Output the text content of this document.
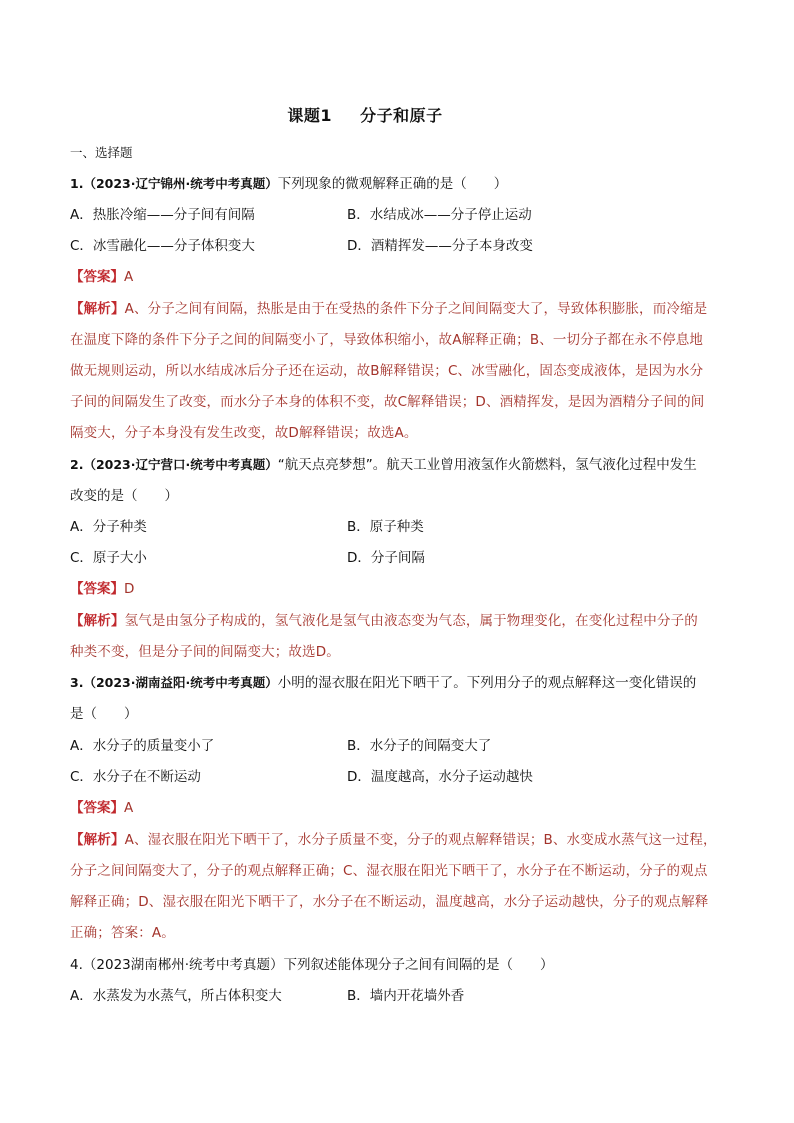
课题1 分子和原子
一、选择题
1.（2023·辽宁锦州·统考中考真题）下列现象的微观解释正确的是（　　）
A．热胀冷缩——分子间有间隔	B．水结成冰——分子停止运动
C．冰雪融化——分子体积变大	D．酒精挥发——分子本身改变
【答案】A
【解析】A、分子之间有间隔，热胀是由于在受热的条件下分子之间间隔变大了，导致体积膨胀，而冷缩是
在温度下降的条件下分子之间的间隔变小了，导致体积缩小，故A解释正确；B、一切分子都在永不停息地
做无规则运动，所以水结成冰后分子还在运动，故B解释错误；C、冰雪融化，固态变成液体，是因为水分
子间的间隔发生了改变，而水分子本身的体积不变，故C解释错误；D、酒精挥发，是因为酒精分子间的间
隔变大，分子本身没有发生改变，故D解释错误；故选A。
2.（2023·辽宁营口·统考中考真题）“航天点亮梦想”。航天工业曾用液氢作火箭燃料，氢气液化过程中发生
改变的是（　　）
A．分子种类	B．原子种类
C．原子大小	D．分子间隔
【答案】D
【解析】氢气是由氢分子构成的，氢气液化是氢气由液态变为气态，属于物理变化，在变化过程中分子的
种类不变，但是分子间的间隔变大；故选D。
3.（2023·湖南益阳·统考中考真题）小明的湿衣服在阳光下晒干了。下列用分子的观点解释这一变化错误的
是（　　）
A．水分子的质量变小了	B．水分子的间隔变大了
C．水分子在不断运动	D．温度越高，水分子运动越快
【答案】A
【解析】A、湿衣服在阳光下晒干了，水分子质量不变，分子的观点解释错误；B、水变成水蒸气这一过程，
分子之间间隔变大了，分子的观点解释正确；C、湿衣服在阳光下晒干了，水分子在不断运动，分子的观点
解释正确；D、湿衣服在阳光下晒干了，水分子在不断运动，温度越高，水分子运动越快，分子的观点解释
正确；答案：A。
4.（2023湖南郴州·统考中考真题）下列叙述能体现分子之间有间隔的是（　　）
A．水蒸发为水蒸气，所占体积变大	B．墙内开花墙外香
